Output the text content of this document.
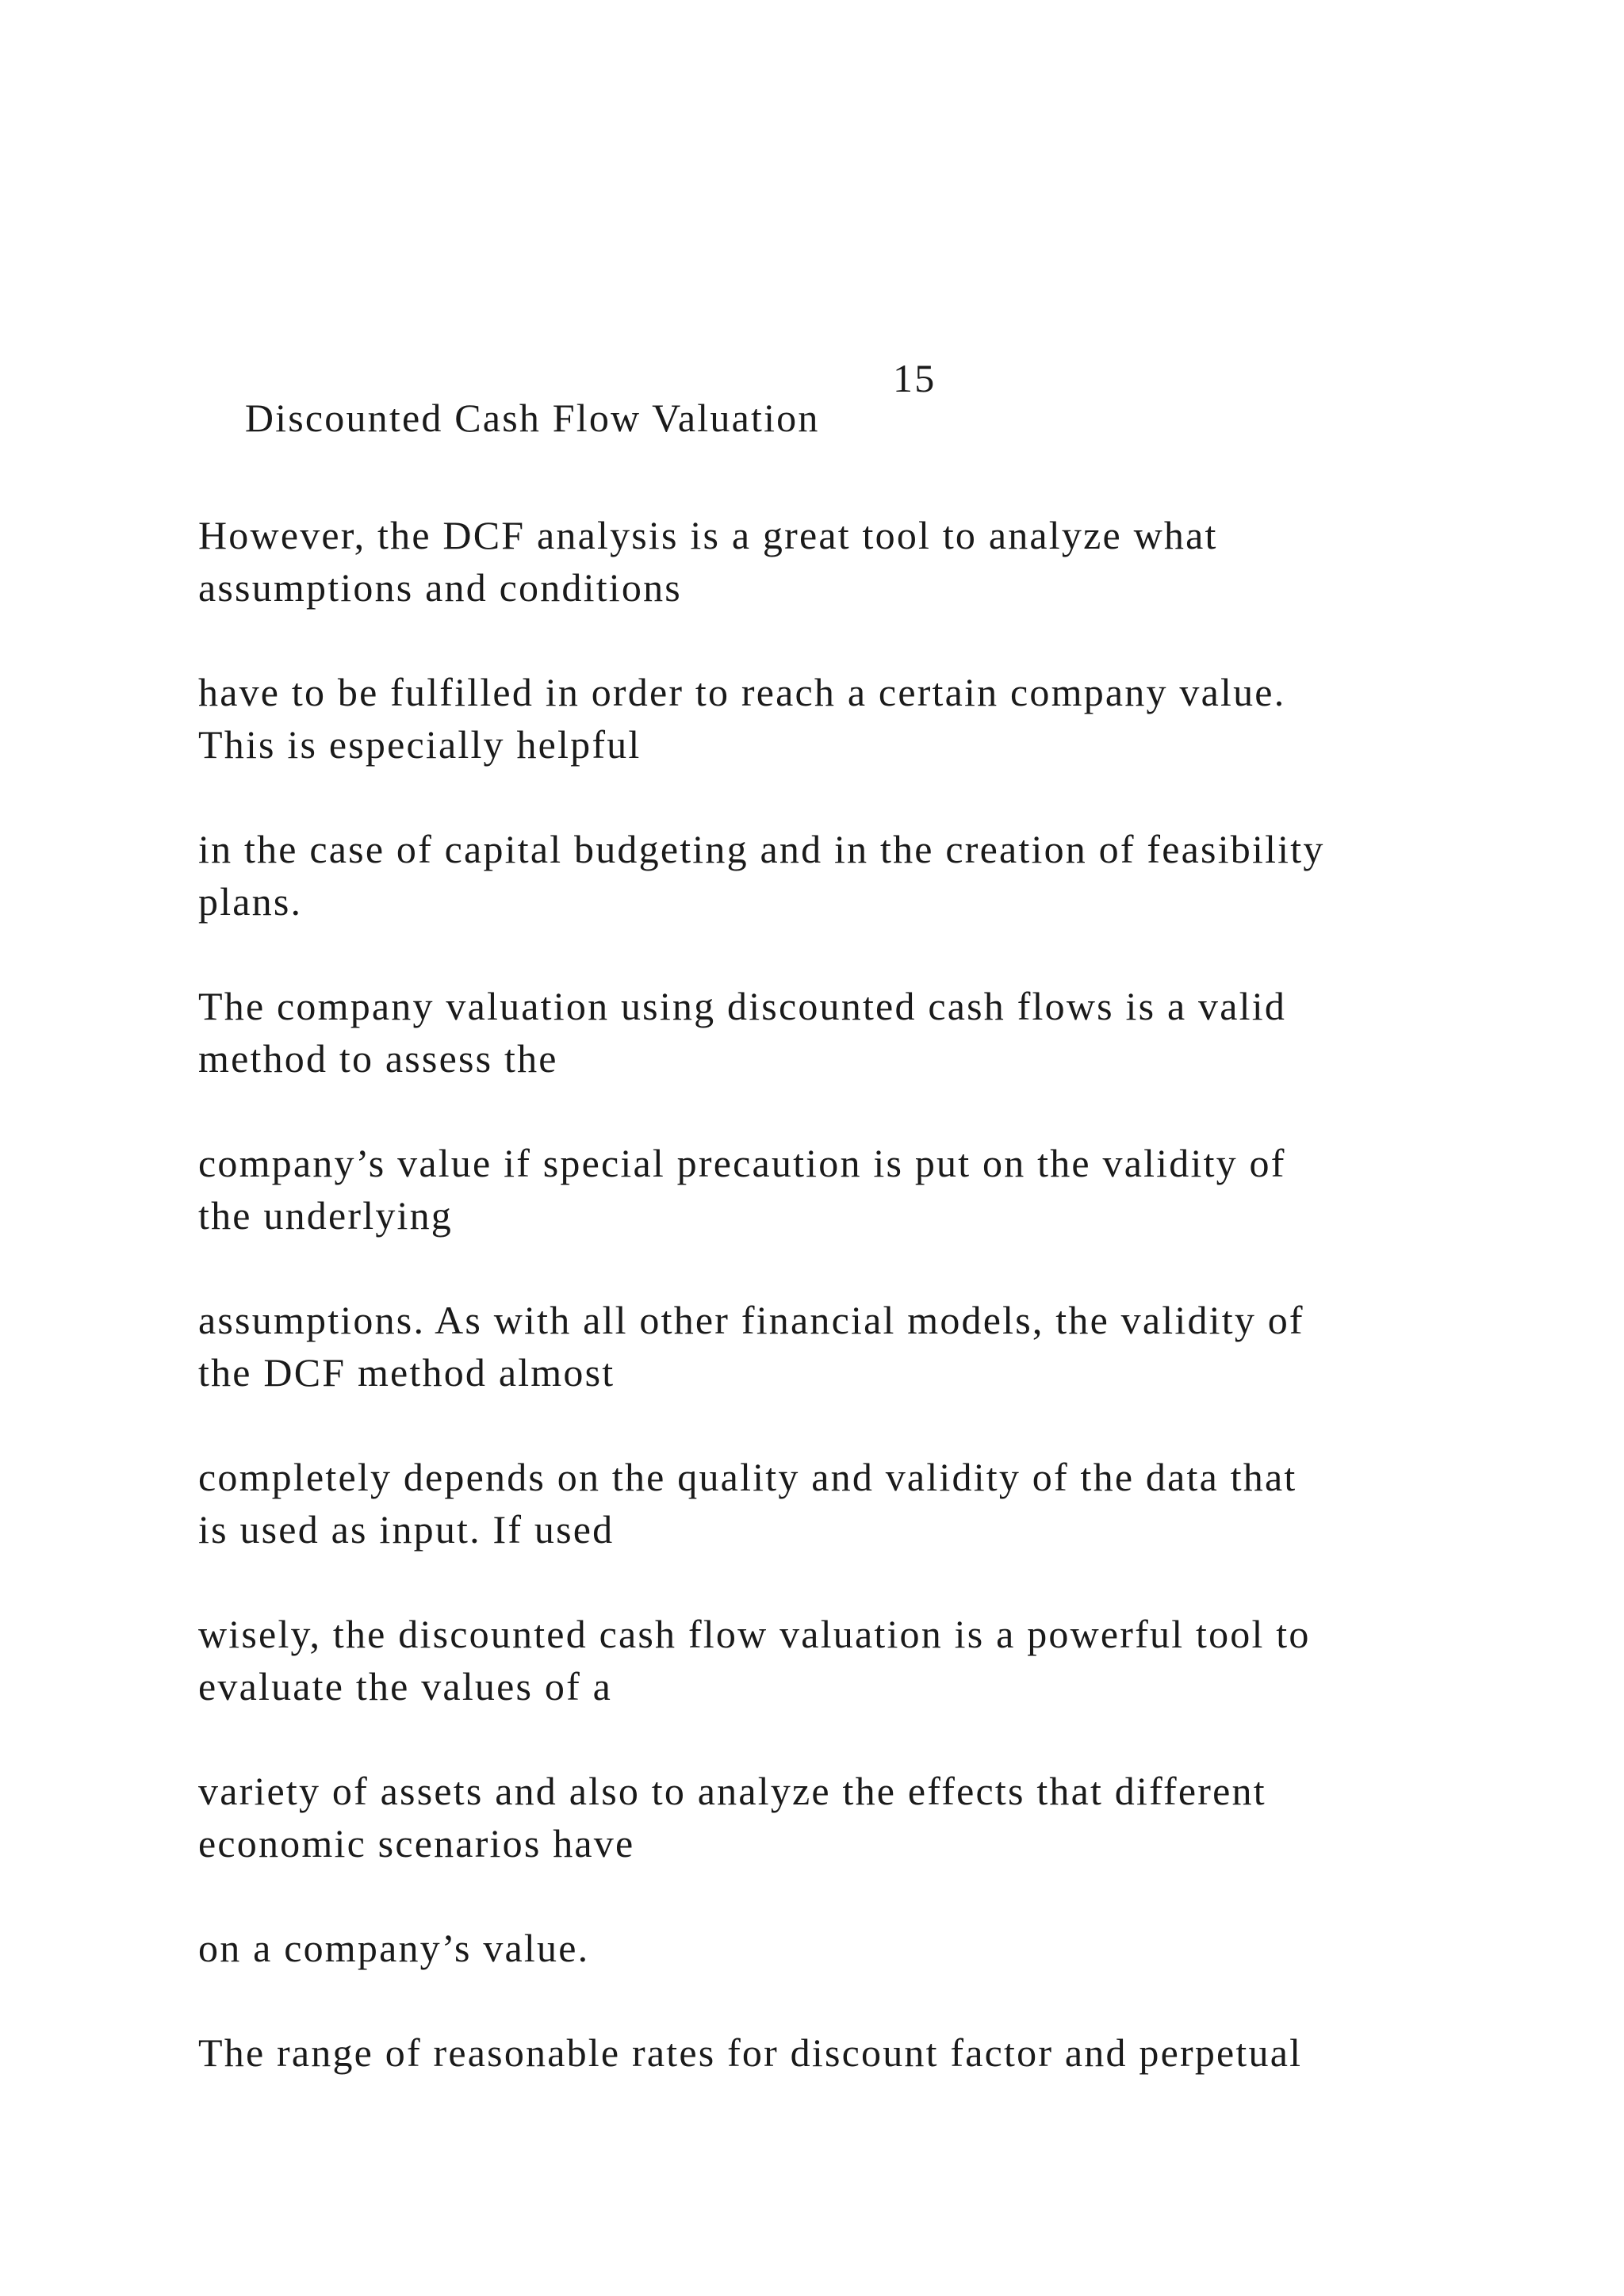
Discounted Cash Flow Valuation

15

However, the DCF analysis is a great tool to analyze what

assumptions and conditions

have to be fulfilled in order to reach a certain company value.

This is especially helpful

in the case of capital budgeting and in the creation of feasibility

plans.

The company valuation using discounted cash flows is a valid

method to assess the

company’s value if special precaution is put on the validity of

the underlying

assumptions. As with all other financial models, the validity of

the DCF method almost

completely depends on the quality and validity of the data that

is used as input. If used

wisely, the discounted cash flow valuation is a powerful tool to

evaluate the values of a

variety of assets and also to analyze the effects that different

economic scenarios have

on a company’s value.

The range of reasonable rates for discount factor and perpetual
